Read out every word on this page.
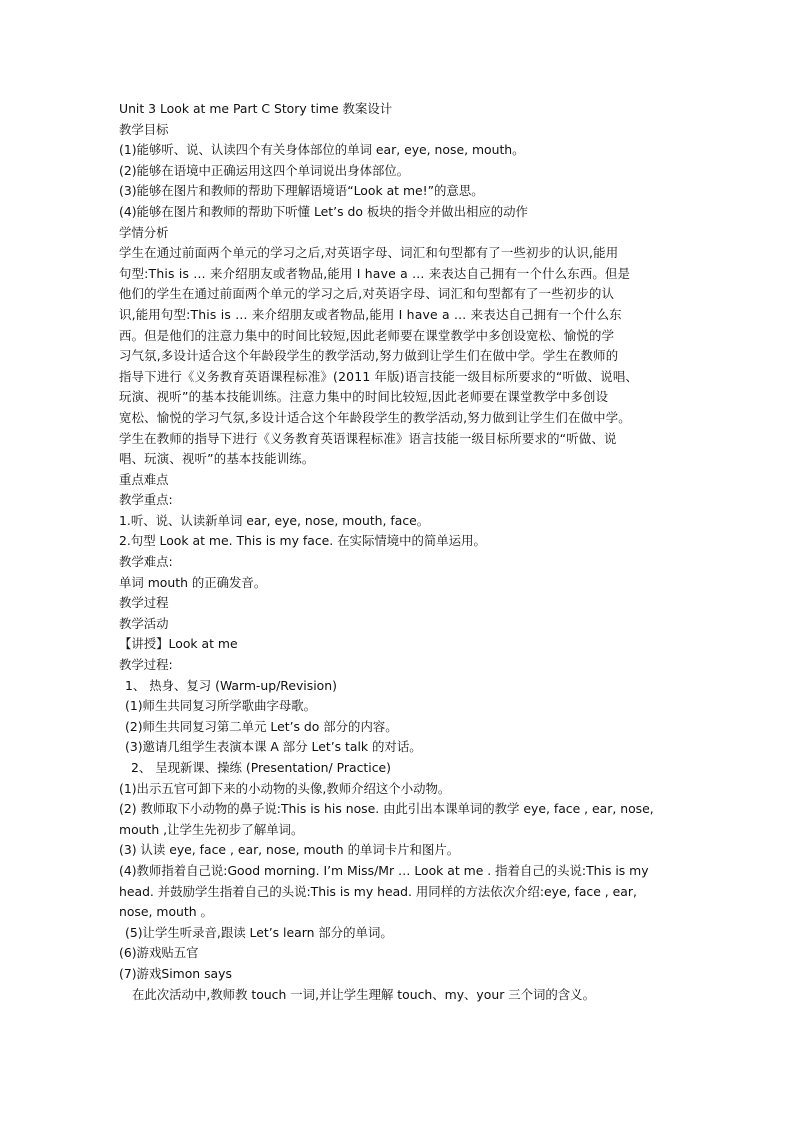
Unit 3 Look at me Part C Story time 教案设计

教学目标

(1)能够听、说、认读四个有关身体部位的单词 ear, eye, nose, mouth。

(2)能够在语境中正确运用这四个单词说出身体部位。

(3)能够在图片和教师的帮助下理解语境语“Look at me!”的意思。

(4)能够在图片和教师的帮助下听懂 Let’s do 板块的指令并做出相应的动作

学情分析

学生在通过前面两个单元的学习之后,对英语字母、词汇和句型都有了一些初步的认识,能用
句型:This is … 来介绍朋友或者物品,能用 I have a … 来表达自己拥有一个什么东西。但是
他们的学生在通过前面两个单元的学习之后,对英语字母、词汇和句型都有了一些初步的认
识,能用句型:This is … 来介绍朋友或者物品,能用 I have a … 来表达自己拥有一个什么东
西。但是他们的注意力集中的时间比较短,因此老师要在课堂教学中多创设宽松、愉悦的学
习气氛,多设计适合这个年龄段学生的教学活动,努力做到让学生们在做中学。学生在教师的
指导下进行《义务教育英语课程标准》(2011 年版)语言技能一级目标所要求的“听做、说唱、
玩演、视听”的基本技能训练。注意力集中的时间比较短,因此老师要在课堂教学中多创设
宽松、愉悦的学习气氛,多设计适合这个年龄段学生的教学活动,努力做到让学生们在做中学。
学生在教师的指导下进行《义务教育英语课程标准》语言技能一级目标所要求的“听做、说
唱、玩演、视听”的基本技能训练。

重点难点

教学重点:

1.听、说、认读新单词 ear, eye, nose, mouth, face。

2.句型 Look at me. This is my face. 在实际情境中的简单运用。

教学难点:

单词 mouth 的正确发音。

教学过程

教学活动

【讲授】Look at me

教学过程:

1、 热身、复习 (Warm-up/Revision)

(1)师生共同复习所学歌曲字母歌。

(2)师生共同复习第二单元 Let’s do 部分的内容。

(3)邀请几组学生表演本课 A 部分 Let’s talk 的对话。

2、 呈现新课、操练 (Presentation/ Practice)

(1)出示五官可卸下来的小动物的头像,教师介绍这个小动物。

(2) 教师取下小动物的鼻子说:This is his nose. 由此引出本课单词的教学 eye, face , ear, nose,

mouth ,让学生先初步了解单词。

(3) 认读 eye, face , ear, nose, mouth 的单词卡片和图片。

(4)教师指着自己说:Good morning. I’m Miss/Mr … Look at me . 指着自己的头说:This is my

head. 并鼓励学生指着自己的头说:This is my head. 用同样的方法依次介绍:eye, face , ear,

nose, mouth 。

(5)让学生听录音,跟读 Let’s learn 部分的单词。

(6)游戏贴五官

(7)游戏Simon says

在此次活动中,教师教 touch 一词,并让学生理解 touch、my、your 三个词的含义。
